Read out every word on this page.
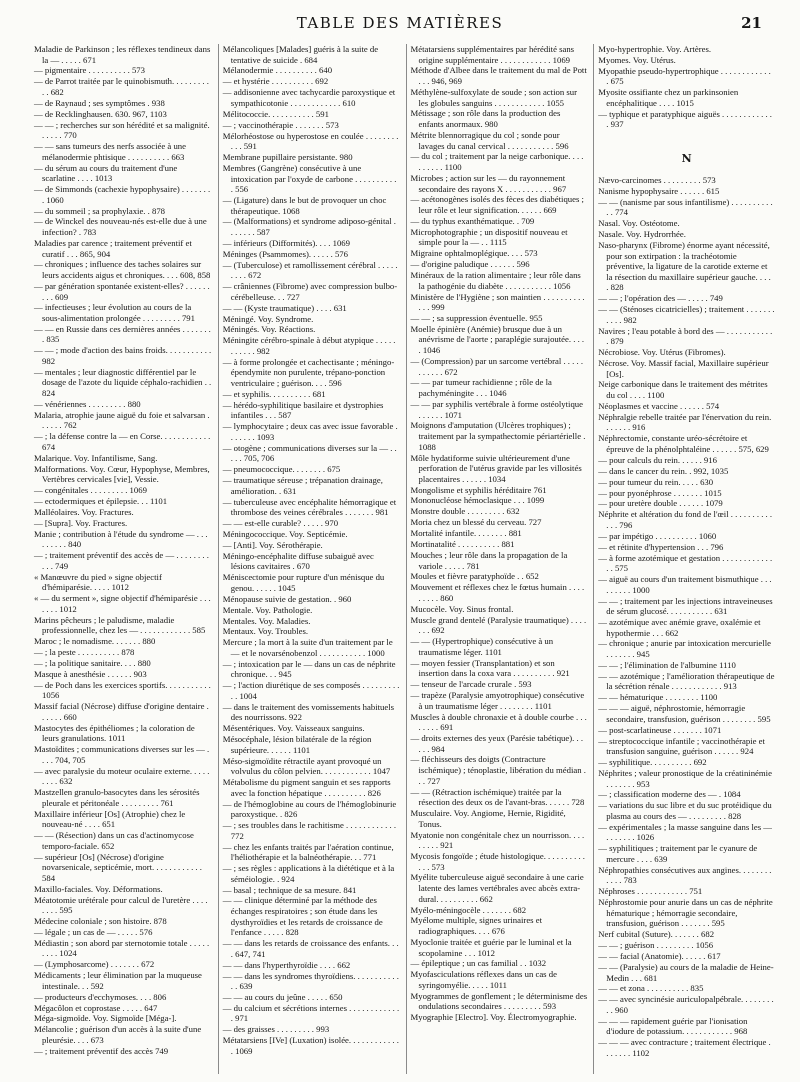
TABLE DES MATIÈRES	21

Maladie de Parkinson ; les réflexes tendineux dans la — . . . . . 671

— pigmentaire . . . . . . . . . . 573

— de Parrot traitée par le quinobismuth. . . . . . . . . . . 682

— de Raynaud ; ses symptômes . 938

— de Recklinghausen. 630. 967, 1103

— — ; recherches sur son hérédité et sa malignité. . . . . . 770

— — sans tumeurs des nerfs associée à une mélanodermie phtisique . . . . . . . . . . 663

— du sérum au cours du traitement d'une scarlatine . . . . 1013

— de Simmonds (cachexie hypophysaire) . . . . . . . . 1060

— du sommeil ; sa prophylaxie. . 878

— de Winckel des nouveau-nés est-elle due à une infection? . 783

Maladies par carence ; traitement préventif et curatif . . . 865, 904

— chroniques ; influence des taches solaires sur leurs accidents aigus et chroniques. . . . 608, 858

— par génération spontanée existent-elles? . . . . . . . . . 609

— infectieuses ; leur évolution au cours de la sous-alimentation prolongée . . . . . . . . . 791

— — en Russie dans ces dernières années . . . . . . . . 835

— — ; mode d'action des bains froids. . . . . . . . . . . 982

— mentales ; leur diagnostic différentiel par le dosage de l'azote du liquide céphalo-rachidien . . 824

— vénériennes . . . . . . . . . 880

Malaria, atrophie jaune aiguë du foie et salvarsan . . . . . . 762

— ; la défense contre la — en Corse. . . . . . . . . . . . 674

Malarique. Voy. Infantilisme, Sang.

Malformations. Voy. Cœur, Hypophyse, Membres, Vertèbres cervicales [vie], Vessie.

— congénitales . . . . . . . . . 1069

— ectodermiques et épilepsie. . . 1101

Malléolaires. Voy. Fractures.

— [Supra]. Voy. Fractures.

Manie ; contribution à l'étude du syndrome — . . . . . . . . . 840

— ; traitement préventif des accès de — . . . . . . . . . . . 749

« Manœuvre du pied » signe objectif d'hémiparésie. . . . . 1012

« — du serment », signe objectif d'hémiparésie . . . . . . . 1012

Marins pêcheurs ; le paludisme, maladie professionnelle, chez les — . . . . . . . . . . . . 585

Maroc ; le nomadisme. . . . . . . 880

— ; la peste . . . . . . . . . . 878

— ; la politique sanitaire. . . . 880

Masque à anesthésie . . . . . . 903

— de Poch dans les exercices sportifs. . . . . . . . . . . 1056

Massif facial (Nécrose) diffuse d'origine dentaire . . . . . . 660

Mastocytes des épithéliomes ; la coloration de leurs granulations. 1011

Mastoïdites ; communications diverses sur les — . . . . 704, 705

— avec paralysie du moteur oculaire externe. . . . . . . . . 632

Mastzellen granulo-basocytes dans les sérosités pleurale et péritonéale . . . . . . . . . 761

Maxillaire inférieur [Os] (Atrophie) chez le nouveau-né . . . . 651

— — (Résection) dans un cas d'actinomycose temporo-faciale. 652

— supérieur [Os] (Nécrose) d'origine novarsenicale, septicémie, mort. . . . . . . . . . . . 584

Maxillo-faciales. Voy. Déformations.

Méatotomie urétérale pour calcul de l'uretère . . . . . . . . 595

Médecine coloniale ; son histoire. 878

— légale ; un cas de — . . . . . 576

Médiastin ; son abord par sternotomie totale . . . . . . . . . 1024

— (Lymphosarcome) . . . . . . . 672

Médicaments ; leur élimination par la muqueuse intestinale. . . 592

— producteurs d'ecchymoses. . . . 806

Mégacôlon et coprostase . . . . . 647

Méga-sigmoïde. Voy. Sigmoïde [Méga-].

Mélancolie ; guérison d'un accès à la suite d'une pleurésie. . . . 673

— ; traitement préventif des accès 749

Mélancoliques [Malades] guéris à la suite de tentative de suicide . 684

Mélanodermie . . . . . . . . . . 640

— et hystérie . . . . . . . . . . 692

— addisonienne avec tachycardie paroxystique et sympathicotonie . . . . . . . . . . . . 610

Mélitococcie. . . . . . . . . . . 591

— ; vaccinothérapie . . . . . . . 573

Mélorhéostose ou hyperostose en coulée . . . . . . . . . . . 591

Membrane pupillaire persistante. 980

Membres (Gangrène) consécutive à une intoxication par l'oxyde de carbone . . . . . . . . . . . 556

— (Ligature) dans le but de provoquer un choc thérapeutique. 1068

— (Malformations) et syndrome adiposo-génital . . . . . . . 587

— inférieurs (Difformités). . . . 1069

Méninges (Psammomes). . . . . . 576

— (Tuberculose) et ramollissement cérébral . . . . . . . . . 672

— crâniennes (Fibrome) avec compression bulbo-cérébelleuse. . . 727

— — (Kyste traumatique) . . . . 631

Méningé. Voy. Syndrome.

Méningés. Voy. Réactions.

Méningite cérébro-spinale à début atypique . . . . . . . . . . . 982

— à forme prolongée et cachectisante ; méningo-épendymite non purulente, trépano-ponction ventriculaire ; guérison. . . . 596

— et syphilis. . . . . . . . . . 681

— hérédo-syphilitique basilaire et dystrophies infantiles . . . 587

— lymphocytaire ; deux cas avec issue favorable . . . . . . . 1093

— otogène ; communications diverses sur la — . . . . . 705, 706

— pneumococcique. . . . . . . . 675

— traumatique séreuse ; trépanation drainage, amélioration. . 631

— tuberculeuse avec encéphalite hémorragique et thrombose des veines cérébrales . . . . . . . 981

— — est-elle curable? . . . . . 970

Méningococcique. Voy. Septicémie.

— [Anti]. Voy. Sérothérapie.

Méningo-encéphalite diffuse subaiguë avec lésions cavitaires . 670

Méniscectomie pour rupture d'un ménisque du genou. . . . . . 1045

Ménopause suivie de gestation. . 960

Mentale. Voy. Pathologie.

Mentales. Voy. Maladies.

Mentaux. Voy. Troubles.

Mercure ; la mort à la suite d'un traitement par le — et le novarsénobenzol . . . . . . . . . . . 1000

— ; intoxication par le — dans un cas de néphrite chronique. . . 945

— ; l'action diurétique de ses composés . . . . . . . . . . . 1004

— dans le traitement des vomissements habituels des nourrissons. 922

Mésentériques. Voy. Vaisseaux sanguins.

Mésocéphale, lésion bilatérale de la région supérieure. . . . . . 1101

Méso-sigmoïdite rétractile ayant provoqué un volvulus du côlon pelvien. . . . . . . . . . . . 1047

Métabolisme du pigment sanguin et ses rapports avec la fonction hépatique . . . . . . . . . . 826

— de l'hémoglobine au cours de l'hémoglobinurie paroxystique. . 826

— ; ses troubles dans le rachitisme . . . . . . . . . . . . 772

— chez les enfants traités par l'aération continue, l'héliothérapie et la balnéothérapie. . . 771

— ; ses règles : applications à la diététique et à la séméiologie. . 924

— basal ; technique de sa mesure. 841

— — clinique déterminé par la méthode des échanges respiratoires ; son étude dans les dysthyroïdies et les retards de croissance de l'enfance . . . . . 828

— — dans les retards de croissance des enfants. . . . 647, 741

— — dans l'hyperthyroïdie . . . . 662

— — dans les syndromes thyroïdiens. . . . . . . . . . . . . 639

— — au cours du jeûne . . . . . 650

— du calcium et sécrétions internes . . . . . . . . . . . . . 971

— des graisses . . . . . . . . . 993

Métatarsiens [IVe] (Luxation) isolée. . . . . . . . . . . . . 1069

Métatarsiens supplémentaires par hérédité sans origine supplémentaire . . . . . . . . . . . . 1069

Méthode d'Albee dans le traitement du mal de Pott . . . 946, 969

Méthylène-sulfoxylate de soude ; son action sur les globules sanguins . . . . . . . . . . . . 1055

Métissage ; son rôle dans la production des enfants anormaux. 980

Métrite blennorragique du col ; sonde pour lavages du canal cervical . . . . . . . . . . . 596

— du col ; traitement par la neige carbonique. . . . . . . . . . 1100

Microbes ; action sur les — du rayonnement secondaire des rayons X . . . . . . . . . . . 967

— acétonogènes isolés des fèces des diabétiques ; leur rôle et leur signification. . . . . . 669

— du typhus exanthématique. . 709

Microphotographie ; un dispositif nouveau et simple pour la — . . 1115

Migraine ophtalmoplégique. . . . 573

— d'origine paludique . . . . . . 596

Minéraux de la ration alimentaire ; leur rôle dans la pathogénie du diabète . . . . . . . . . . . 1056

Ministère de l'Hygiène ; son maintien . . . . . . . . . . . . . 999

— — ; sa suppression éventuelle. 955

Moelle épinière (Anémie) brusque due à un anévrisme de l'aorte ; paraplégie surajoutée. . . . . 1046

— (Compression) par un sarcome vertébral . . . . . . . . . . . 672

— — par tumeur rachidienne ; rôle de la pachyméningite . . . 1046

— — par syphilis vertébrale à forme ostéolytique . . . . . . 1071

Moignons d'amputation (Ulcères trophiques) ; traitement par la sympathectomie périartérielle . 1088

Môle hydatiforme suivie ultérieurement d'une perforation de l'utérus gravide par les villosités placentaires . . . . . . 1034

Mongolisme et syphilis héréditaire 761

Mononucléose hémoclasique . . . 1099

Monstre double . . . . . . . . . 632

Moria chez un blessé du cerveau. 727

Mortalité infantile. . . . . . . . 881

Mortinatalité . . . . . . . . . . 881

Mouches ; leur rôle dans la propagation de la variole . . . . . 781

Moules et fièvre paratyphoïde . . 652

Mouvement et réflexes chez le fœtus humain . . . . . . . . . 860

Mucocèle. Voy. Sinus frontal.

Muscle grand dentelé (Paralysie traumatique) . . . . . . . 692

— — (Hypertrophique) consécutive à un traumatisme léger. 1101

— moyen fessier (Transplantation) et son insertion dans la coxa vara . . . . . . . . . . 921

— tenseur de l'arcade crurale . 593

— trapèze (Paralysie amyotrophique) consécutive à un traumatisme léger . . . . . . . . 1101

Muscles à double chronaxie et à double courbe . . . . . . . . 691

— droits externes des yeux (Parésie tabétique). . . . . . 984

— fléchisseurs des doigts (Contracture ischémique) ; ténoplastie, libération du médian . . . 727

— — (Rétraction ischémique) traitée par la résection des deux os de l'avant-bras. . . . . . 728

Musculaire. Voy. Angiome, Hernie, Rigidité, Tonus.

Myatonie non congénitale chez un nourrisson. . . . . . . . . 921

Mycosis fongoïde ; étude histologique. . . . . . . . . . . . . 573

Myélite tuberculeuse aiguë secondaire à une carie latente des lames vertébrales avec abcès extra-dural. . . . . . . . . . 662

Myélo-méningocèle . . . . . . . 682

Myélome multiple, signes urinaires et radiographiques. . . . 676

Myoclonie traitée et guérie par le luminal et la scopolamine . . . 1012

— épileptique ; un cas familial . . 1032

Myofasciculations réflexes dans un cas de syringomyélie. . . . . 1011

Myogrammes de gonflement ; le déterminisme des ondulations secondaires . . . . . . . . . 593

Myographie [Electro]. Voy. Électromyographie.

Myo-hypertrophie. Voy. Artères.

Myomes. Voy. Utérus.

Myopathie pseudo-hypertrophique . . . . . . . . . . . . . 675

Myosite ossifiante chez un parkinsonien encéphalitique . . . . 1015

— typhique et paratyphique aiguës . . . . . . . . . . . . . 937

N

Nævo-carcinomes . . . . . . . . . 573

Nanisme hypophysaire . . . . . . 615

— — (nanisme par sous infantilisme) . . . . . . . . . . . . 774

Nasal. Voy. Ostéotome.

Nasale. Voy. Hydrorrhée.

Naso-pharynx (Fibrome) énorme ayant nécessité, pour son extirpation : la trachéotomie préventive, la ligature de la carotide externe et la résection du maxillaire supérieur gauche. . . . . 828

— — ; l'opération des — . . . . . 749

— — (Sténoses cicatricielles) ; traitement . . . . . . . . . . . 982

Navires ; l'eau potable à bord des — . . . . . . . . . . . . 879

Nécrobiose. Voy. Utérus (Fibromes).

Nécrose. Voy. Massif facial, Maxillaire supérieur [Os].

Neige carbonique dans le traitement des métrites du col . . . . 1100

Néoplasmes et vaccine . . . . . . 574

Néphralgie rebelle traitée par l'énervation du rein. . . . . . . 916

Néphrectomie, constante uréo-sécrétoire et épreuve de la phénolphtaléine . . . . . . 575, 629

— pour calculs du rein. . . . . . 916

— dans le cancer du rein. . 992, 1035

— pour tumeur du rein. . . . . 630

— pour pyonéphrose . . . . . . . 1015

— pour uretère double . . . . . . 1079

Néphrite et altération du fond de l'œil . . . . . . . . . . . . . 796

— par impétigo . . . . . . . . . . 1060

— et rétinite d'hypertension . . . 796

— à forme azotémique et gestation . . . . . . . . . . . . . . 575

— aiguë au cours d'un traitement bismuthique . . . . . . . . . 1000

— — ; traitement par les injections intraveineuses de sérum glucosé. . . . . . . . . . . 631

— azotémique avec anémie grave, oxalémie et hypothermie . . . 662

— chronique ; anurie par intoxication mercurielle . . . . . . . 945

— — ; l'élimination de l'albumine 1110

— — azotémique ; l'amélioration thérapeutique de la sécrétion rénale . . . . . . . . . . . . 913

— — hématurique . . . . . . . . 1100

— — — aiguë, néphrostomie, hémorragie secondaire, transfusion, guérison . . . . . . . . 595

— post-scarlatineuse . . . . . . . 1071

— streptococcique infantile ; vaccinothérapie et transfusion sanguine, guérison . . . . . . 924

— syphilitique. . . . . . . . . . 692

Néphrites ; valeur pronostique de la créatininémie . . . . . . . 953

— ; classification moderne des — . 1084

— variations du suc libre et du suc protéidique du plasma au cours des — . . . . . . . . . 828

— expérimentales ; la masse sanguine dans les — . . . . . . . 1026

— syphilitiques ; traitement par le cyanure de mercure . . . . 639

Néphropathies consécutives aux angines. . . . . . . . . . . . 783

Néphroses . . . . . . . . . . . . 751

Néphrostomie pour anurie dans un cas de néphrite hématurique ; hémorragie secondaire, transfusion, guérison . . . . . . . 595

Nerf cubital (Suture). . . . . . . 682

— — ; guérison . . . . . . . . . 1056

— — facial (Anatomie). . . . . . 617

— — (Paralysie) au cours de la maladie de Heine-Medin . . . 681

— — et zona . . . . . . . . . . 835

— — avec syncinésie auriculopalpébrale. . . . . . . . . . 960

— — — rapidement guérie par l'ionisation d'iodure de potassium. . . . . . . . . . . . 968

— — — avec contracture ; traitement électrique . . . . . . . 1102
